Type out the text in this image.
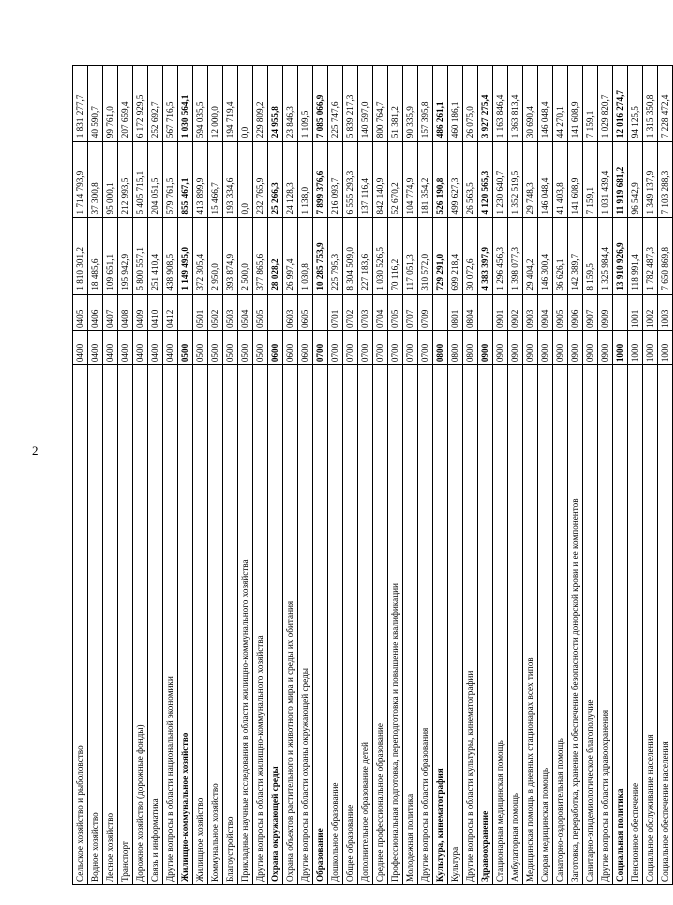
2
Сельское хозяйство и рыболовство	0400	0405	1 810 301,2	1 714 793,9	1 831 277,7
Водное хозяйство	0400	0406	18 485,6	37 300,8	40 590,7
Лесное хозяйство	0400	0407	109 651,1	95 000,1	99 761,0
Транспорт	0400	0408	195 942,9	212 993,5	207 659,4
Дорожное хозяйство (дорожные фонды)	0400	0409	5 800 557,1	5 405 715,1	6 172 929,5
Связь и информатика	0400	0410	251 410,4	204 051,5	252 692,7
Другие вопросы в области национальной экономики	0400	0412	438 908,5	579 761,5	567 716,5
Жилищно-коммунальное хозяйство	0500		1 149 495,0	855 467,1	1 030 564,1
Жилищное хозяйство	0500	0501	372 305,4	413 899,9	594 035,5
Коммунальное хозяйство	0500	0502	2 950,0	15 466,7	12 000,0
Благоустройство	0500	0503	393 874,9	193 334,6	194 719,4
Прикладные научные исследования в области жилищно-коммунального хозяйства	0500	0504	2 500,0	0,0	0,0
Другие вопросы в области жилищно-коммунального хозяйства	0500	0505	377 865,6	232 765,9	229 809,2
Охрана окружающей среды	0600		28 028,2	25 266,3	24 955,8
Охрана объектов растительного и животного мира и среды их обитания	0600	0603	26 997,4	24 128,3	23 846,3
Другие вопросы в области охраны окружающей среды	0600	0605	1 030,8	1 138,0	1 109,5
Образование	0700		10 285 753,9	7 899 376,6	7 085 066,9
Дошкольное образование	0700	0701	225 795,3	216 093,7	225 747,6
Общее образование	0700	0702	8 304 509,0	6 555 293,3	5 839 217,3
Дополнительное образование детей	0700	0703	227 183,6	137 116,4	140 597,0
Среднее профессиональное образование	0700	0704	1 030 526,5	842 140,9	800 764,7
Профессиональная подготовка, переподготовка и повышение квалификации	0700	0705	70 116,2	52 670,2	51 381,2
Молодежная политика	0700	0707	117 051,3	104 774,9	90 335,9
Другие вопросы в области образования	0700	0709	310 572,0	181 354,2	157 395,8
Культура, кинематография	0800		729 291,0	526 190,8	486 261,1
Культура	0800	0801	699 218,4	499 627,3	460 186,1
Другие вопросы в области культуры, кинематографии	0800	0804	30 072,6	26 563,5	26 075,0
Здравоохранение	0900		4 383 397,9	4 120 565,3	3 927 275,4
Стационарная медицинская помощь	0900	0901	1 296 456,3	1 230 640,7	1 163 846,4
Амбулаторная помощь	0900	0902	1 398 077,3	1 352 519,5	1 363 813,4
Медицинская помощь в дневных стационарах всех типов	0900	0903	29 404,2	29 748,3	30 690,4
Скорая медицинская помощь	0900	0904	146 300,4	146 048,4	146 048,4
Санаторно-оздоровительная помощь	0900	0905	36 626,1	41 403,8	44 270,1
Заготовка, переработка, хранение и обеспечение безопасности донорской крови и ее компонентов	0900	0906	142 389,7	141 608,9	141 608,9
Санитарно-эпидемиологическое благополучие	0900	0907	8 159,5	7 159,1	7 159,1
Другие вопросы в области здравоохранения	0900	0909	1 325 984,4	1 031 439,4	1 029 820,7
Социальная политика	1000		13 910 926,9	11 919 681,2	12 016 274,7
Пенсионное обеспечение	1000	1001	118 991,4	96 542,9	94 125,5
Социальное обслуживание населения	1000	1002	1 782 487,3	1 349 137,9	1 315 350,8
Социальное обеспечение населения	1000	1003	7 650 869,8	7 103 288,3	7 228 472,4
